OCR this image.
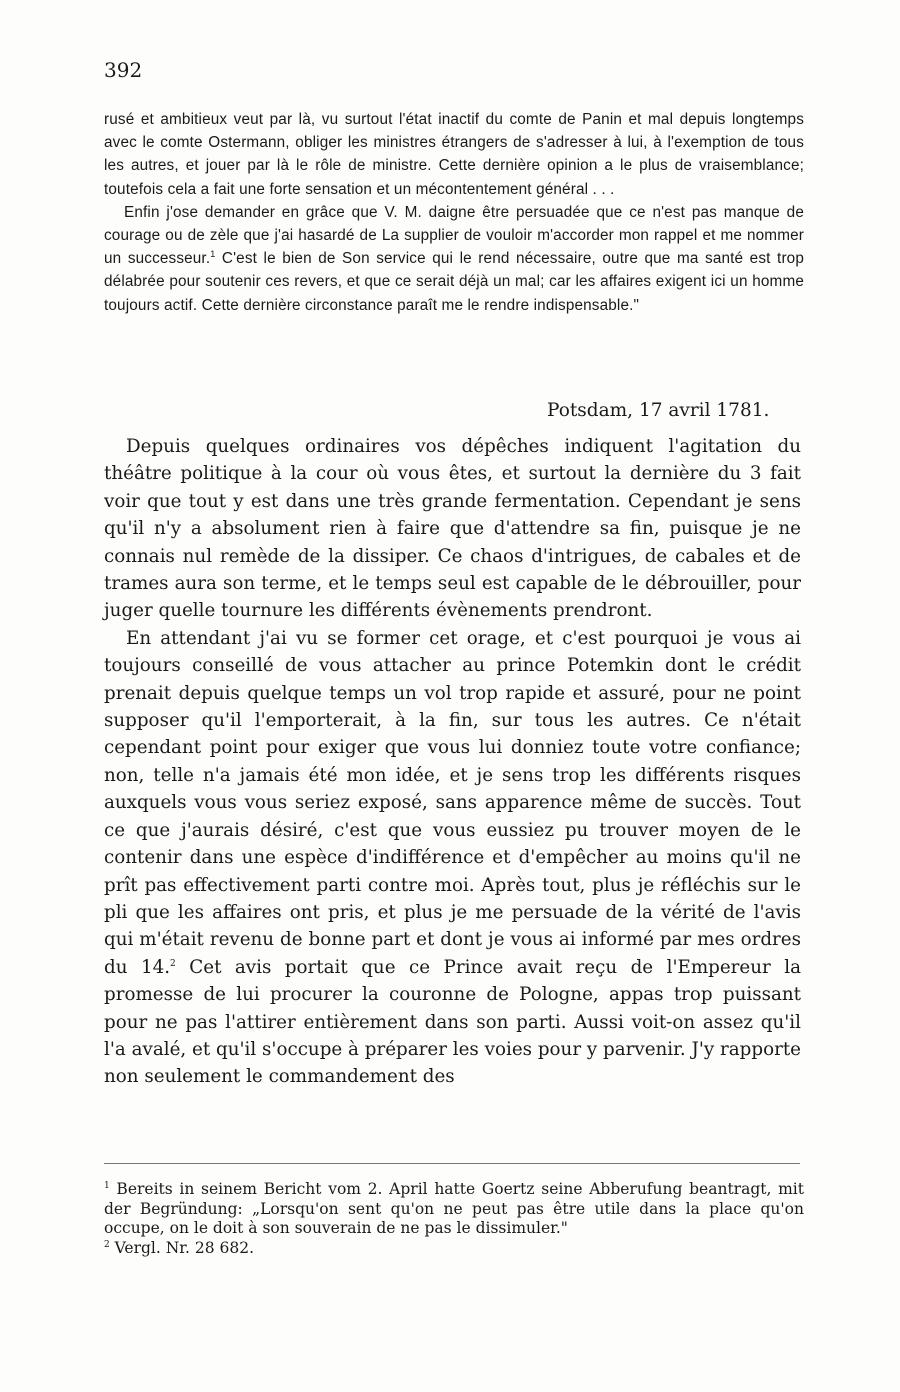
392

rusé et ambitieux veut par là, vu surtout l'état inactif du comte de Panin et mal depuis longtemps avec le comte Ostermann, obliger les ministres étrangers de s'adresser à lui, à l'exemption de tous les autres, et jouer par là le rôle de ministre. Cette dernière opinion a le plus de vraisemblance; toutefois cela a fait une forte sensation et un mécontentement général . . .

Enfin j'ose demander en grâce que V. M. daigne être persuadée que ce n'est pas manque de courage ou de zèle que j'ai hasardé de La supplier de vouloir m'accorder mon rappel et me nommer un successeur.$^1$ C'est le bien de Son service qui le rend nécessaire, outre que ma santé est trop délabrée pour soutenir ces revers, et que ce serait déjà un mal; car les affaires exigent ici un homme toujours actif. Cette dernière circonstance paraît me le rendre indispensable."

Potsdam, 17 avril 1781.

Depuis quelques ordinaires vos dépêches indiquent l'agitation du théâtre politique à la cour où vous êtes, et surtout la dernière du 3 fait voir que tout y est dans une très grande fermentation. Cependant je sens qu'il n'y a absolument rien à faire que d'attendre sa fin, puisque je ne connais nul remède de la dissiper. Ce chaos d'intrigues, de cabales et de trames aura son terme, et le temps seul est capable de le débrouiller, pour juger quelle tournure les différents évènements prendront.

En attendant j'ai vu se former cet orage, et c'est pourquoi je vous ai toujours conseillé de vous attacher au prince Potemkin dont le crédit prenait depuis quelque temps un vol trop rapide et assuré, pour ne point supposer qu'il l'emporterait, à la fin, sur tous les autres. Ce n'était cependant point pour exiger que vous lui donniez toute votre confiance; non, telle n'a jamais été mon idée, et je sens trop les différents risques auxquels vous vous seriez exposé, sans apparence même de succès. Tout ce que j'aurais désiré, c'est que vous eussiez pu trouver moyen de le contenir dans une espèce d'indifférence et d'empêcher au moins qu'il ne prît pas effectivement parti contre moi. Après tout, plus je réfléchis sur le pli que les affaires ont pris, et plus je me persuade de la vérité de l'avis qui m'était revenu de bonne part et dont je vous ai informé par mes ordres du 14.$^2$ Cet avis portait que ce Prince avait reçu de l'Empereur la promesse de lui procurer la couronne de Pologne, appas trop puissant pour ne pas l'attirer entièrement dans son parti. Aussi voit-on assez qu'il l'a avalé, et qu'il s'occupe à préparer les voies pour y parvenir. J'y rapporte non seulement le commandement des

$^1$ Bereits in seinem Bericht vom 2. April hatte Goertz seine Abberufung beantragt, mit der Begründung: „Lorsqu'on sent qu'on ne peut pas être utile dans la place qu'on occupe, on le doit à son souverain de ne pas le dissimuler."

$^2$ Vergl. Nr. 28 682.
